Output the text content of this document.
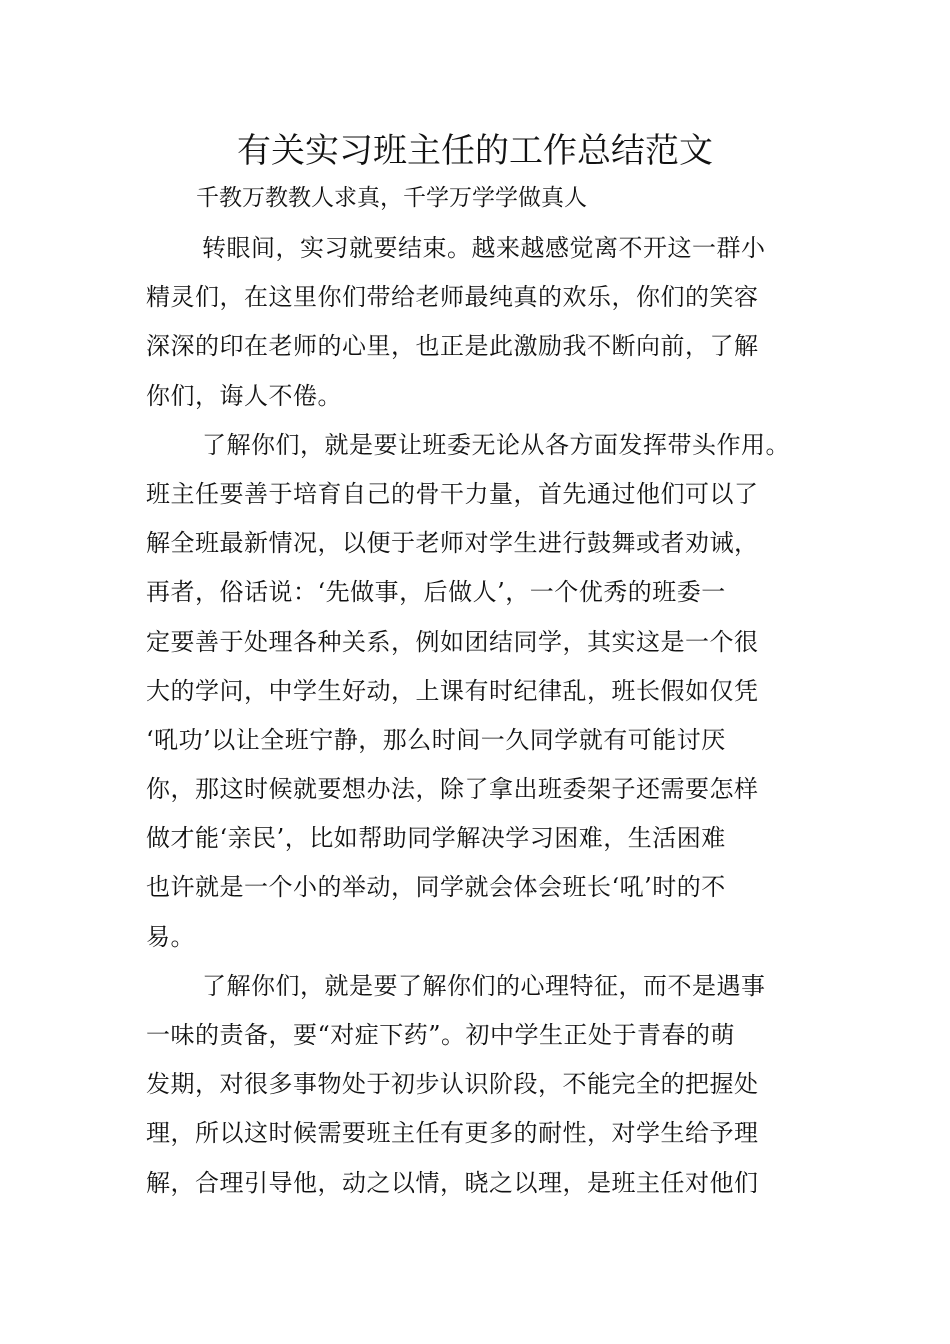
有关实习班主任的工作总结范文
千教万教教人求真，千学万学学做真人
转眼间，实习就要结束。越来越感觉离不开这一群小
精灵们，在这里你们带给老师最纯真的欢乐，你们的笑容
深深的印在老师的心里，也正是此激励我不断向前，了解
你们，诲人不倦。
了解你们，就是要让班委无论从各方面发挥带头作用。
班主任要善于培育自己的骨干力量，首先通过他们可以了
解全班最新情况，以便于老师对学生进行鼓舞或者劝诫，
再者，俗话说：‘先做事，后做人’，一个优秀的班委一
定要善于处理各种关系，例如团结同学，其实这是一个很
大的学问，中学生好动，上课有时纪律乱，班长假如仅凭
‘吼功’以让全班宁静，那么时间一久同学就有可能讨厌
你，那这时候就要想办法，除了拿出班委架子还需要怎样
做才能‘亲民’，比如帮助同学解决学习困难，生活困难
也许就是一个小的举动，同学就会体会班长‘吼’时的不
易。
了解你们，就是要了解你们的心理特征，而不是遇事
一味的责备，要“对症下药”。初中学生正处于青春的萌
发期，对很多事物处于初步认识阶段，不能完全的把握处
理，所以这时候需要班主任有更多的耐性，对学生给予理
解，合理引导他，动之以情，晓之以理，是班主任对他们
